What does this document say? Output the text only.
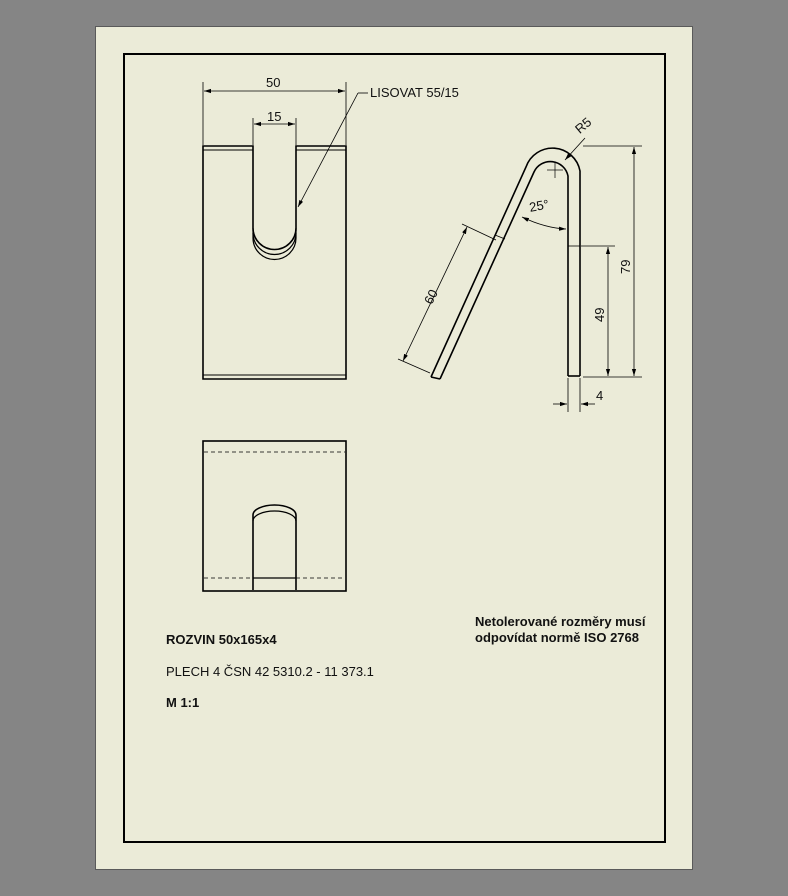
50
15
LISOVAT 55/15
R5
25°
60
79
49
4
ROZVIN 50x165x4
PLECH 4 ČSN 42 5310.2 - 11 373.1
M 1:1
Netolerované rozměry musí
odpovídat normě ISO 2768
